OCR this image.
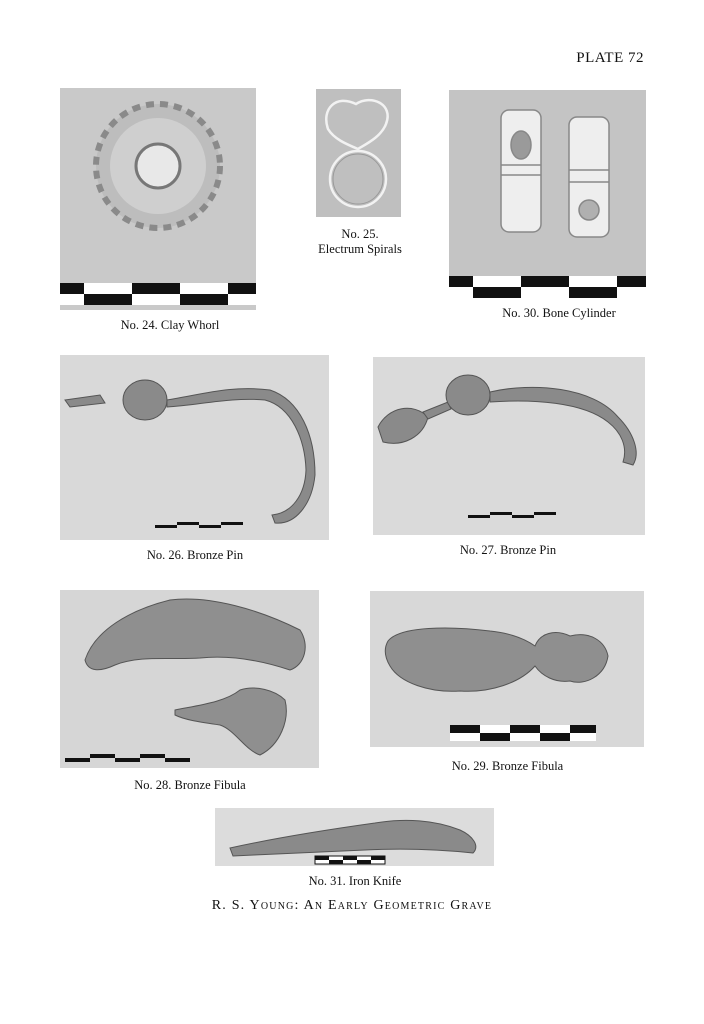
PLATE 72
No. 24. Clay Whorl
No. 25.
Electrum Spirals
No. 30. Bone Cylinder
No. 26. Bronze Pin	No. 27. Bronze Pin
No. 28. Bronze Fibula
No. 29. Bronze Fibula
No. 31. Iron Knife
R. S. Young: An Early Geometric Grave
